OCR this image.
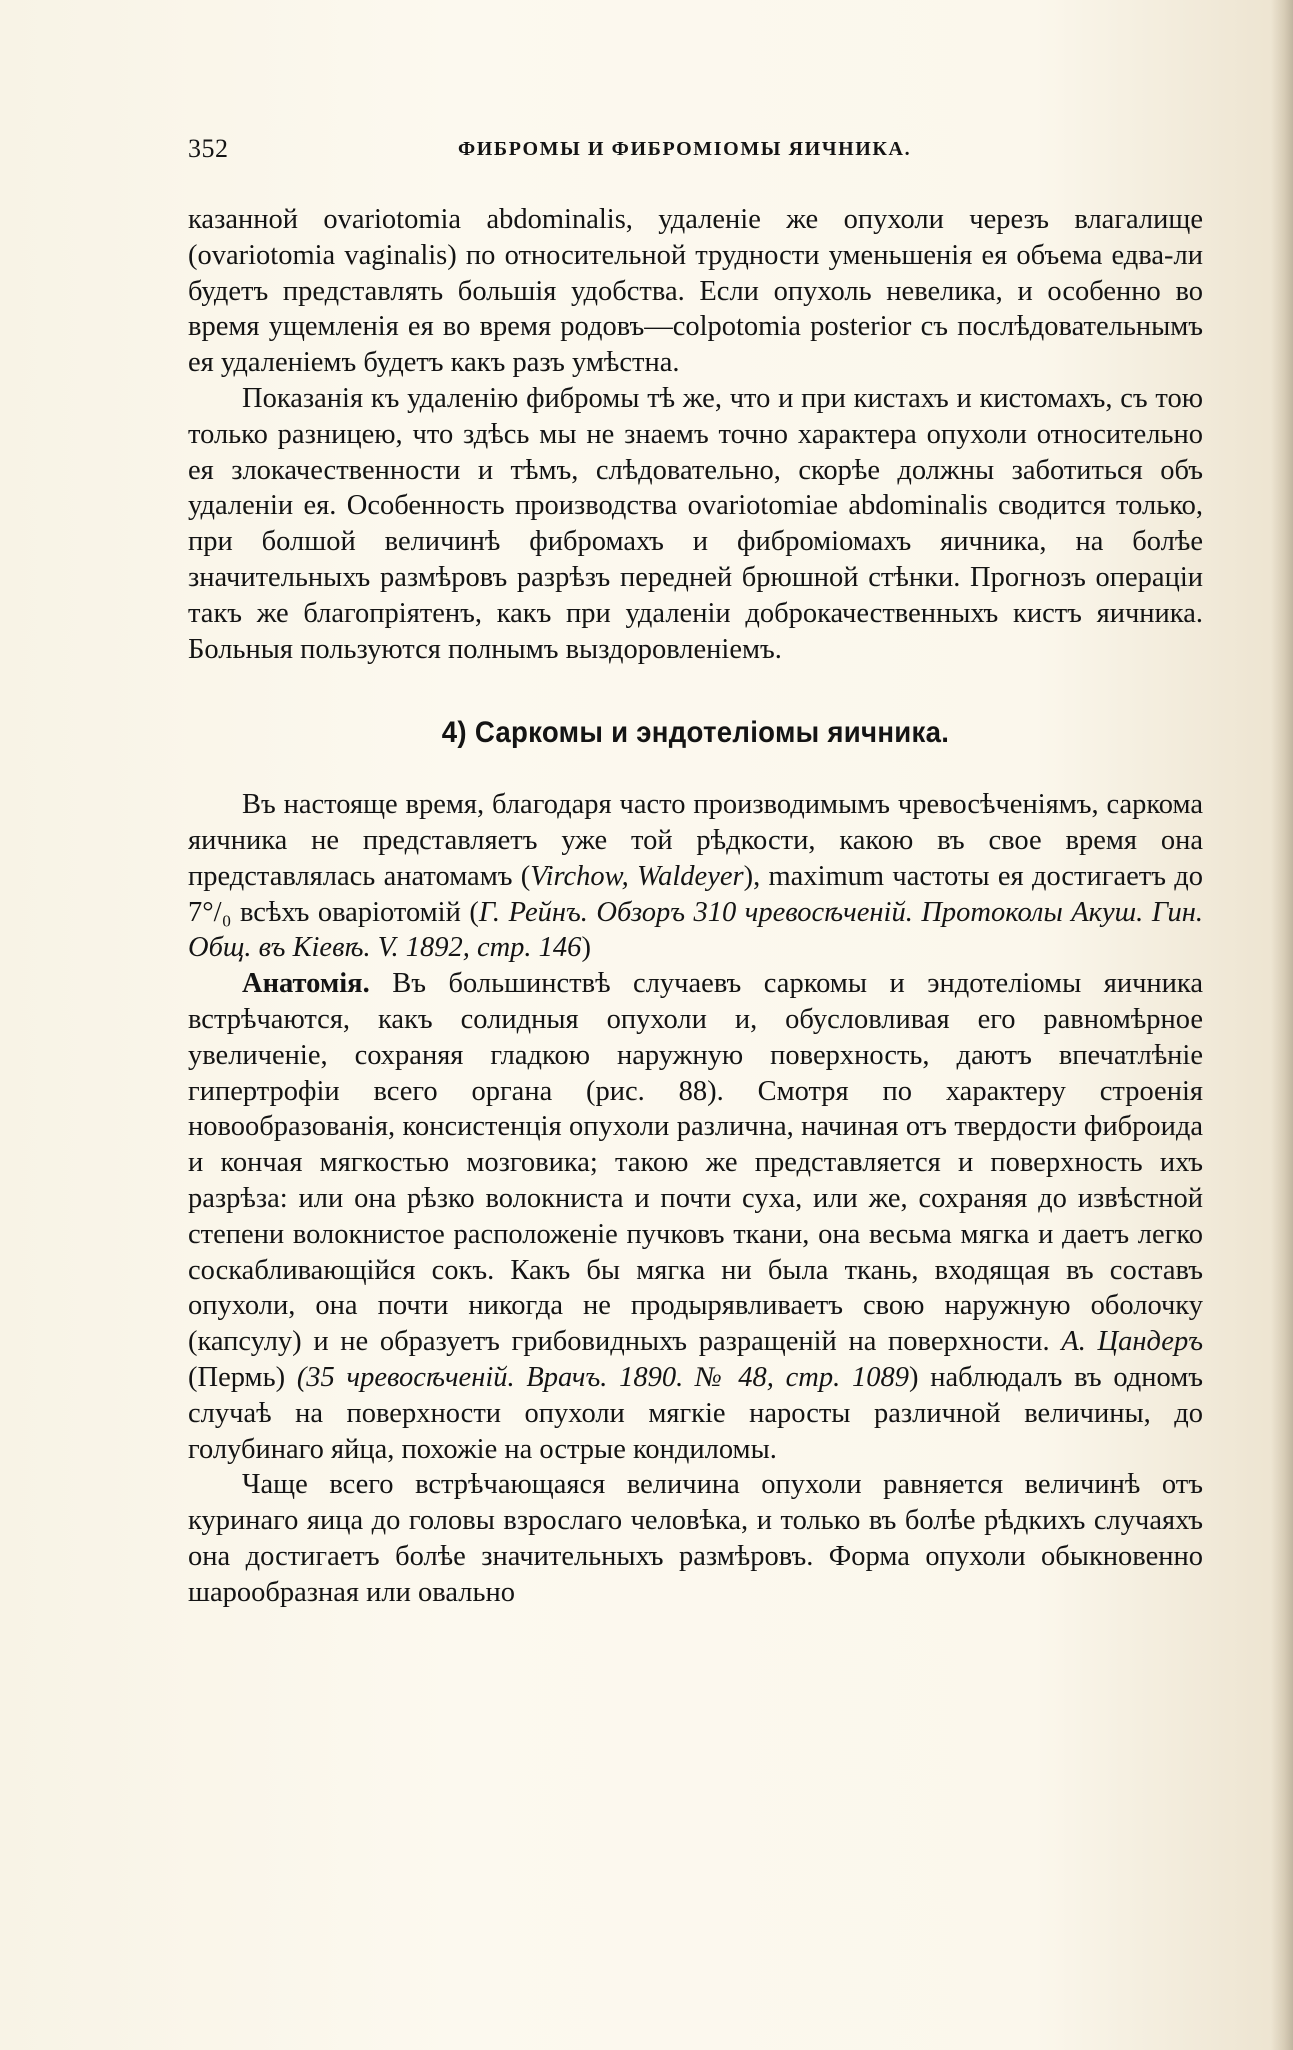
352	ФИБРОМЫ И ФИБРОМІОМЫ ЯИЧНИКА.

казанной ovariotomia abdominalis, удаленіе же опухоли черезъ влагалище (ovariotomia vaginalis) по относительной трудности уменьшенія ея объема едва-ли будетъ представлять большія удобства. Если опухоль невелика, и особенно во время ущемленія ея во время родовъ—colpotomia posterior съ послѣдовательнымъ ея удаленіемъ будетъ какъ разъ умѣстна.

Показанія къ удаленію фибромы тѣ же, что и при кистахъ и кистомахъ, съ тою только разницею, что здѣсь мы не знаемъ точно характера опухоли относительно ея злокачественности и тѣмъ, слѣдовательно, скорѣе должны заботиться объ удаленіи ея. Особенность производства ovariotomiae abdominalis сводится только, при болшой величинѣ фибромахъ и фиброміомахъ яичника, на болѣе значительныхъ размѣровъ разрѣзъ передней брюшной стѣнки. Прогнозъ операціи такъ же благопріятенъ, какъ при удаленіи доброкачественныхъ кистъ яичника. Больныя пользуются полнымъ выздоровленіемъ.

4) Саркомы и эндотеліомы яичника.

Въ настояще время, благодаря часто производимымъ чревосѣченіямъ, саркома яичника не представляетъ уже той рѣдкости, какою въ свое время она представлялась анатомамъ (Virchow, Waldeyer), maximum частоты ея достигаетъ до 7°/₀ всѣхъ оваріотомій (Г. Рейнъ. Обзоръ 310 чревосѣченій. Протоколы Акуш. Гин. Общ. въ Кіевѣ. V. 1892, стр. 146)

Анатомія. Въ большинствѣ случаевъ саркомы и эндотеліомы яичника встрѣчаются, какъ солидныя опухоли и, обусловливая его равномѣрное увеличеніе, сохраняя гладкою наружную поверхность, даютъ впечатлѣніе гипертрофіи всего органа (рис. 88). Смотря по характеру строенія новообразованія, консистенція опухоли различна, начиная отъ твердости фиброида и кончая мягкостью мозговика; такою же представляется и поверхность ихъ разрѣза: или она рѣзко волокниста и почти суха, или же, сохраняя до извѣстной степени волокнистое расположеніе пучковъ ткани, она весьма мягка и даетъ легко соскабливающійся сокъ. Какъ бы мягка ни была ткань, входящая въ составъ опухоли, она почти никогда не продырявливаетъ свою наружную оболочку (капсулу) и не образуетъ грибовидныхъ разращеній на поверхности. А. Цандеръ (Пермь) (35 чревосѣченій. Врачъ. 1890. № 48, стр. 1089) наблюдалъ въ одномъ случаѣ на поверхности опухоли мягкіе наросты различной величины, до голубинаго яйца, похожіе на острые кондиломы.

Чаще всего встрѣчающаяся величина опухоли равняется величинѣ отъ куринаго яица до головы взрослаго человѣка, и только въ болѣе рѣдкихъ случаяхъ она достигаетъ болѣе значительныхъ размѣровъ. Форма опухоли обыкновенно шарообразная или овально
